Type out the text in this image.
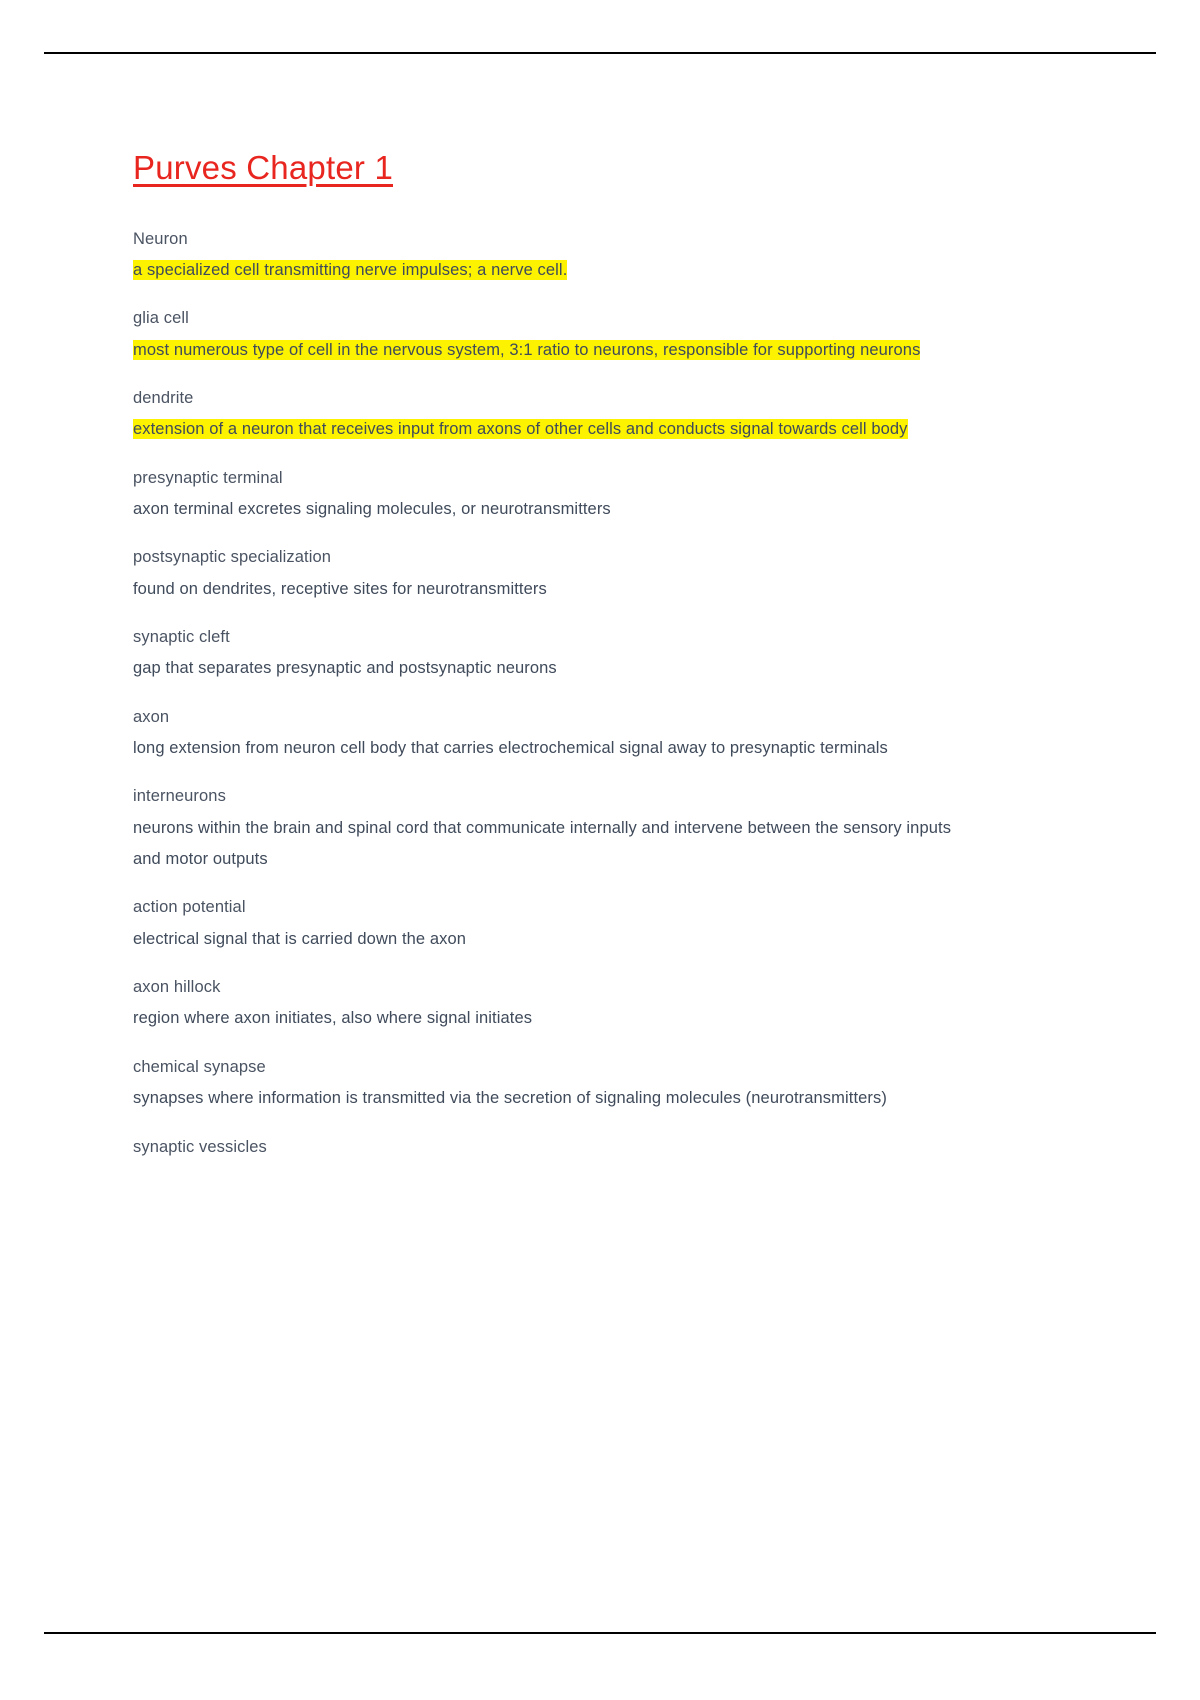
Purves Chapter 1

Neuron

a specialized cell transmitting nerve impulses; a nerve cell.

glia cell

most numerous type of cell in the nervous system, 3:1 ratio to neurons, responsible for supporting neurons

dendrite

extension of a neuron that receives input from axons of other cells and conducts signal towards cell body

presynaptic terminal

axon terminal excretes signaling molecules, or neurotransmitters

postsynaptic specialization

found on dendrites, receptive sites for neurotransmitters

synaptic cleft

gap that separates presynaptic and postsynaptic neurons

axon

long extension from neuron cell body that carries electrochemical signal away to presynaptic terminals

interneurons

neurons within the brain and spinal cord that communicate internally and intervene between the sensory inputs and motor outputs

action potential

electrical signal that is carried down the axon

axon hillock

region where axon initiates, also where signal initiates

chemical synapse

synapses where information is transmitted via the secretion of signaling molecules (neurotransmitters)

synaptic vessicles
